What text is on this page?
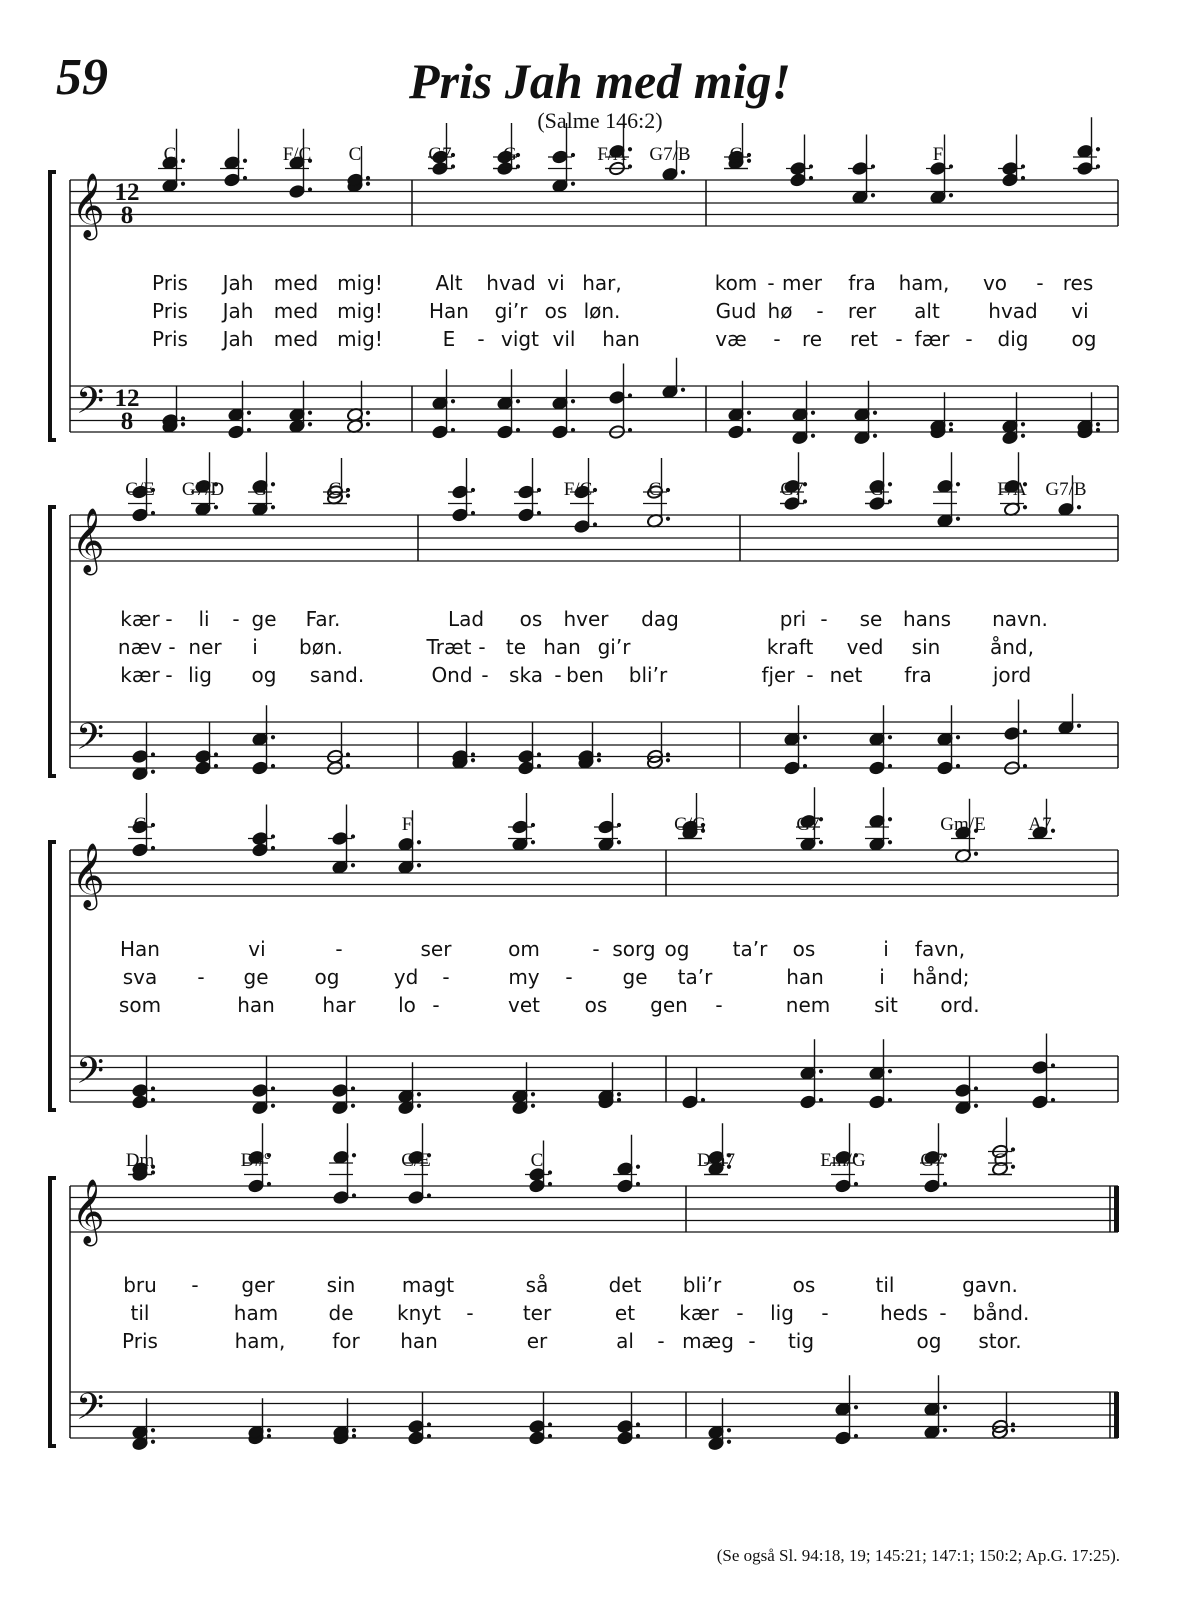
59	Pris Jah med mig!
(Salme 146:2)
𝄞 12
8
𝄢 12
8
C	F/C C	G7	G	F/A G7/B C	F
Pris Jah med mig!	Alt hvad vi har,	kom - mer fra ham, vo - res
Pris Jah med mig! Han gi’r os løn.	Gud hø - rer alt hvad vi
Pris Jah med mig!	E - vigt vil han	væ - re ret - fær - dig og
𝄞
𝄢
C/E G7/D G	C	F/C	C	G7	G	F/A G7/B
kær - li - ge Far.	Lad os hver dag	pri - se hans navn.
næv - ner i bøn.	Træt - te han gi’r	kraft ved sin ånd,
kær - lig og sand.	Ond - ska - ben bli’r	fjer - net fra	jord
𝄞
𝄢
C	F	C/G	G7	Gm/E A7
Han	vi	-	ser	om	- sorg og ta’r os	i favn,
sva - ge og	yd -	my - ge ta’r	han	i hånd;
som	han har lo -	vet os gen -	nem sit ord.
𝄞
𝄢
Dm	D#°	C/E	C	Dm7	Em/G	G7	C
bru - ger	sin magt	så	det bli’r	os	til	gavn.
til	ham	de knyt - ter	et kær - lig -	heds - bånd.
Pris	ham, for han	er	al - mæg - tig	og stor.
(Se også Sl. 94:18, 19; 145:21; 147:1; 150:2; Ap.G. 17:25).
